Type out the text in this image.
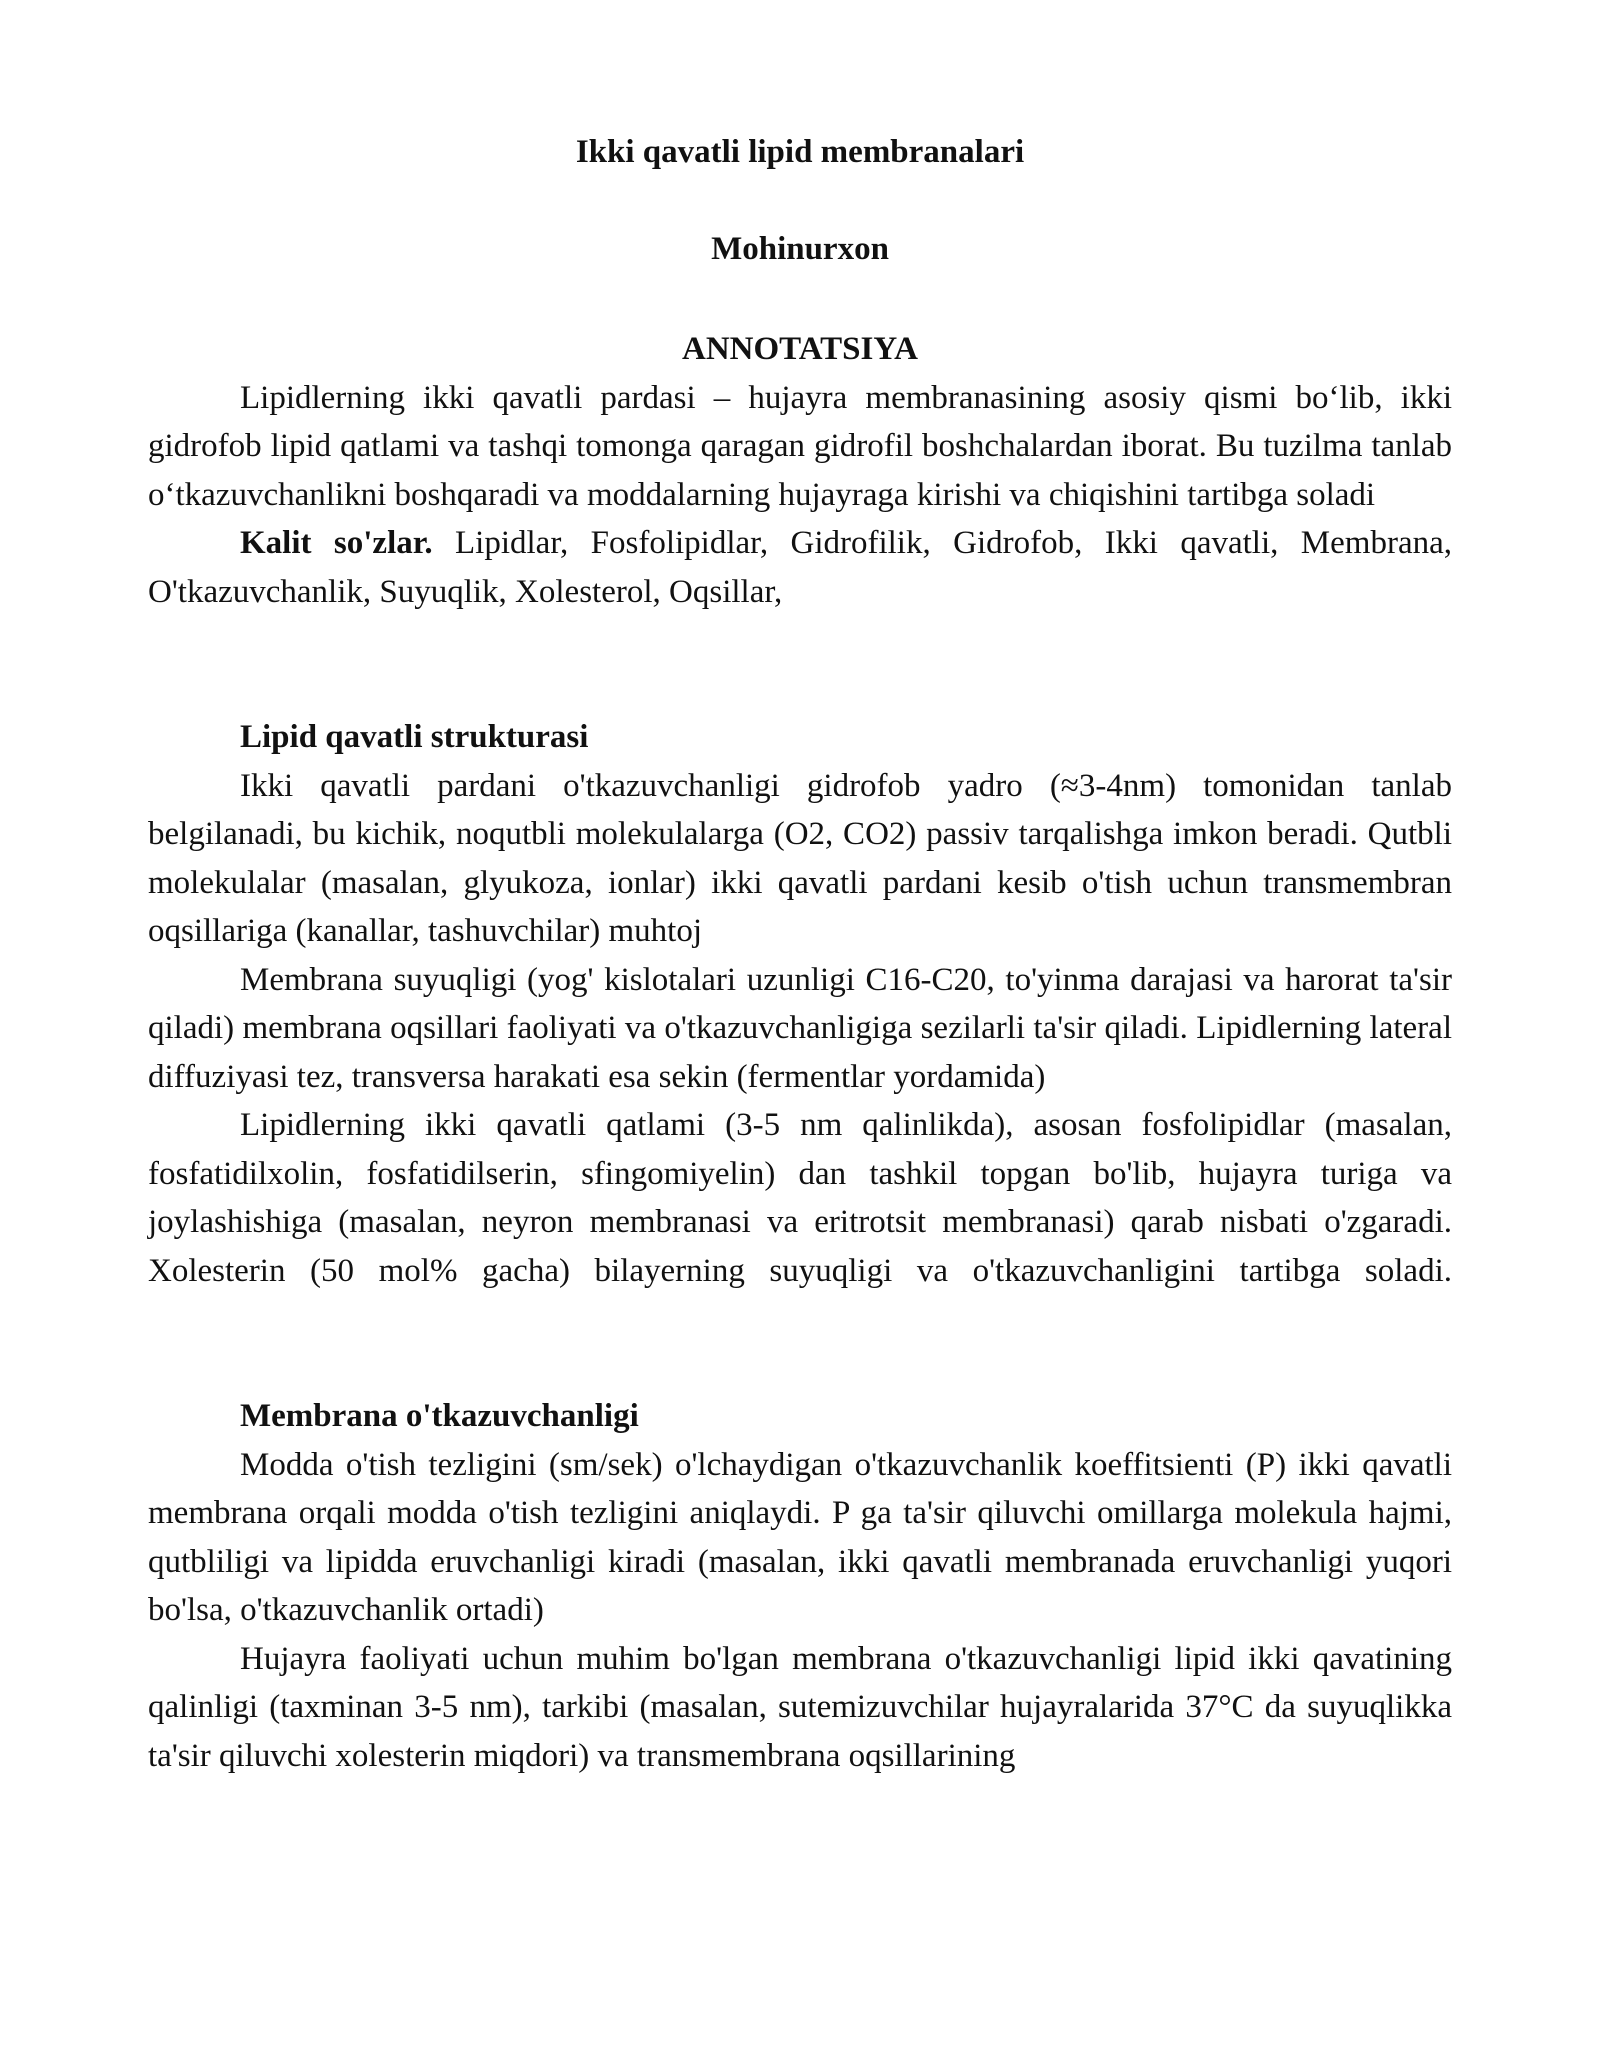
Ikki qavatli lipid membranalari

Mohinurxon

ANNOTATSIYA

Lipidlerning ikki qavatli pardasi – hujayra membranasining asosiy qismi bo‘lib, ikki gidrofob lipid qatlami va tashqi tomonga qaragan gidrofil boshchalardan iborat. Bu tuzilma tanlab o‘tkazuvchanlikni boshqaradi va moddalarning hujayraga kirishi va chiqishini tartibga soladi

Kalit so'zlar. Lipidlar, Fosfolipidlar, Gidrofilik, Gidrofob, Ikki qavatli, Membrana, O'tkazuvchanlik, Suyuqlik, Xolesterol, Oqsillar,

Lipid qavatli strukturasi

Ikki qavatli pardani o'tkazuvchanligi gidrofob yadro (≈3-4nm) tomonidan tanlab belgilanadi, bu kichik, noqutbli molekulalarga (O2, CO2) passiv tarqalishga imkon beradi. Qutbli molekulalar (masalan, glyukoza, ionlar) ikki qavatli pardani kesib o'tish uchun transmembran oqsillariga (kanallar, tashuvchilar) muhtoj

Membrana suyuqligi (yog' kislotalari uzunligi C16-C20, to'yinma darajasi va harorat ta'sir qiladi) membrana oqsillari faoliyati va o'tkazuvchanligiga sezilarli ta'sir qiladi. Lipidlerning lateral diffuziyasi tez, transversa harakati esa sekin (fermentlar yordamida)

Lipidlerning ikki qavatli qatlami (3-5 nm qalinlikda), asosan fosfolipidlar (masalan, fosfatidilxolin, fosfatidilserin, sfingomiyelin) dan tashkil topgan bo'lib, hujayra turiga va joylashishiga (masalan, neyron membranasi va eritrotsit membranasi) qarab nisbati o'zgaradi. Xolesterin (50 mol% gacha) bilayerning suyuqligi va o'tkazuvchanligini tartibga soladi.

Membrana o'tkazuvchanligi

Modda o'tish tezligini (sm/sek) o'lchaydigan o'tkazuvchanlik koeffitsienti (P) ikki qavatli membrana orqali modda o'tish tezligini aniqlaydi. P ga ta'sir qiluvchi omillarga molekula hajmi, qutbliligi va lipidda eruvchanligi kiradi (masalan, ikki qavatli membranada eruvchanligi yuqori bo'lsa, o'tkazuvchanlik ortadi)

Hujayra faoliyati uchun muhim bo'lgan membrana o'tkazuvchanligi lipid ikki qavatining qalinligi (taxminan 3-5 nm), tarkibi (masalan, sutemizuvchilar hujayralarida 37°C da suyuqlikka ta'sir qiluvchi xolesterin miqdori) va transmembrana oqsillarining
